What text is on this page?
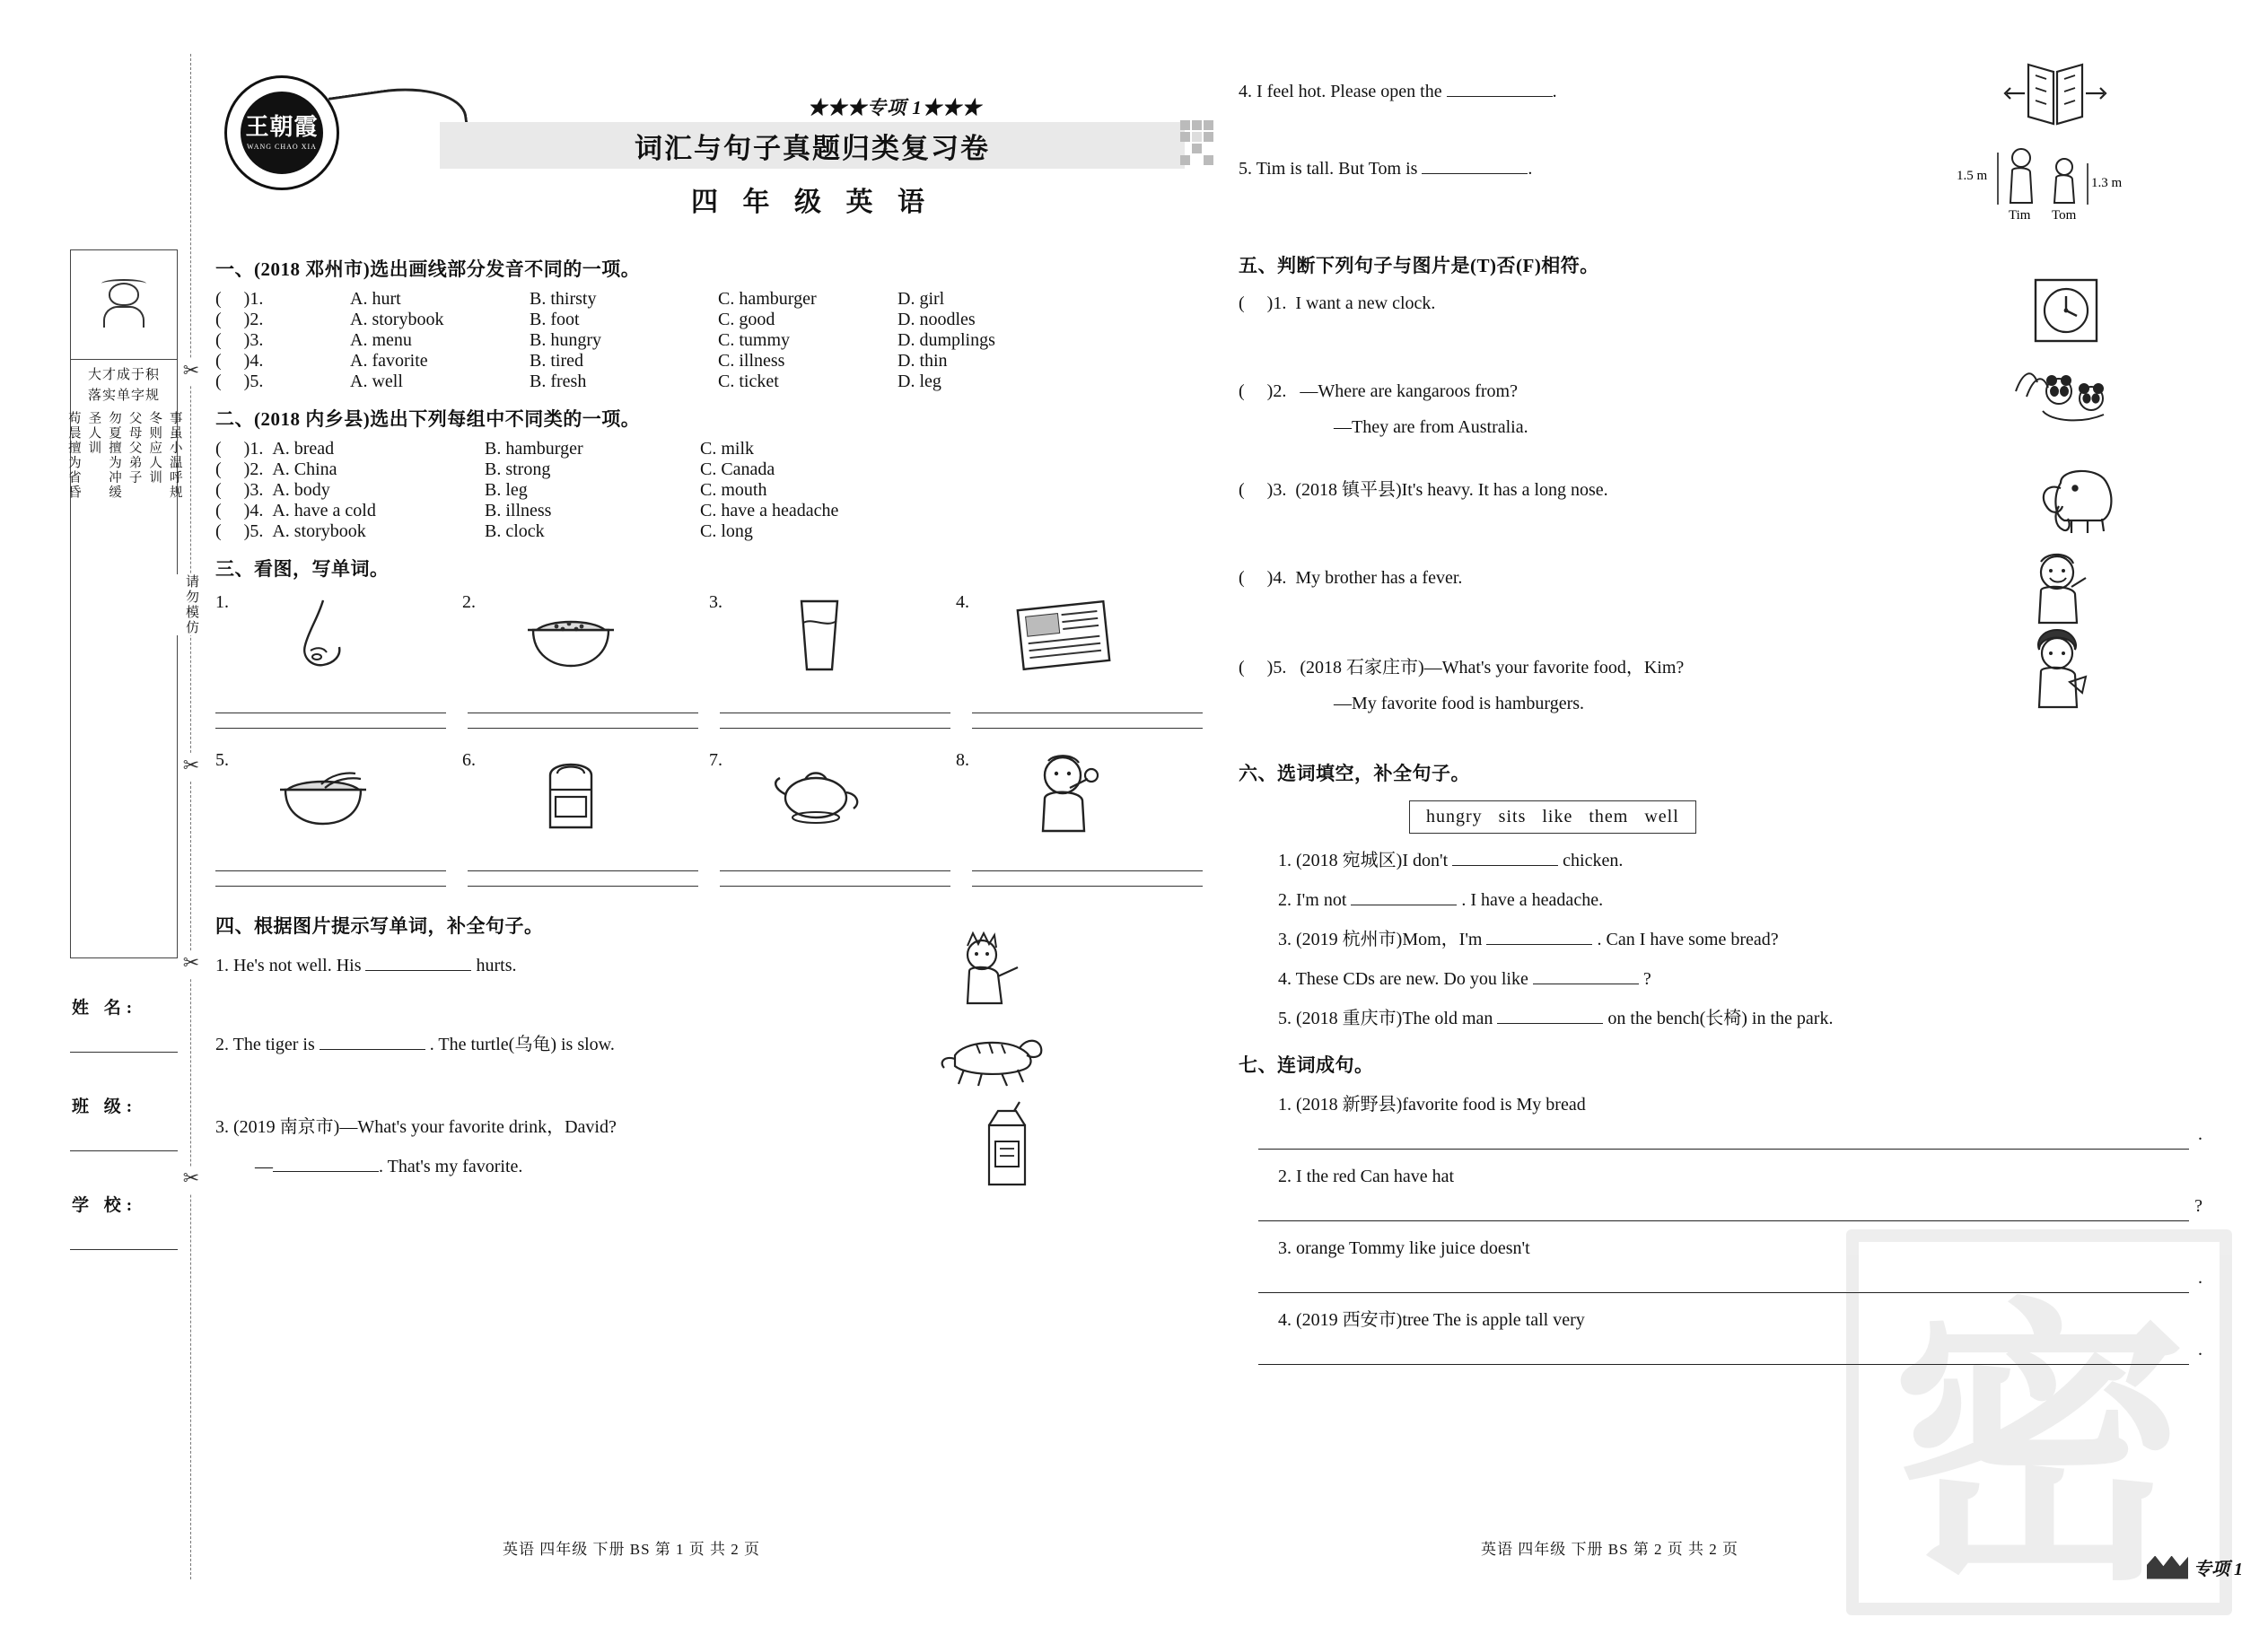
大才成于积
落实单字规
事虽小温呼规
冬则应人训
父母父弟子
勿夏擅为冲缓
圣人训
苟晨擅为省昏
姓 名:
班 级:
学 校:
✂
✂
✂
✂
请勿模仿
王朝霞
WANG CHAO XIA
★★★专项 1★★★
词汇与句子真题归类复习卷
四 年 级 英 语
一、(2018 邓州市)选出画线部分发音不同的一项。
(     )1.	A. hurt	B. thirsty	C. hamburger	D. girl
(     )2.	A. storybook	B. foot	C. good	D. noodles
(     )3.	A. menu	B. hungry	C. tummy	D. dumplings
(     )4.	A. favorite	B. tired	C. illness	D. thin
(     )5.	A. well	B. fresh	C. ticket	D. leg
二、(2018 内乡县)选出下列每组中不同类的一项。
(     )1. A. bread	B. hamburger	C. milk
(     )2. A. China	B. strong	C. Canada
(     )3. A. body	B. leg	C. mouth
(     )4. A. have a cold	B. illness	C. have a headache
(     )5. A. storybook	B. clock	C. long
三、看图，写单词。
1.	2.	3.	4.
5.	6.	7.	8.
四、根据图片提示写单词，补全句子。
1. He's not well. His	hurts.
2. The tiger is	. The turtle(乌龟) is slow.
3. (2019 南京市)—What's your favorite drink，David?
—	. That's my favorite.
4. I feel hot. Please open the	.
5. Tim is tall. But Tom is	.	1.5 m	1.3 m
Tim Tom
五、判断下列句子与图片是(T)否(F)相符。
(     )1. I want a new clock.
(     )2. —Where are kangaroos from?
—They are from Australia.
(     )3. (2018 镇平县)It's heavy. It has a long nose.
(     )4. My brother has a fever.
(     )5. (2018 石家庄市)—What's your favorite food，Kim?
—My favorite food is hamburgers.
六、选词填空，补全句子。
hungry sits like them well
1. (2018 宛城区)I don't	chicken.
2. I'm not	. I have a headache.
3. (2019 杭州市)Mom，I'm	. Can I have some bread?
4. These CDs are new. Do you like	?
5. (2018 重庆市)The old man	on the bench(长椅) in the park.
七、连词成句。
1. (2018 新野县)favorite food is My bread
.
2. I the red Can have hat
?
3. orange Tommy like juice doesn't
.
4. (2019 西安市)tree The is apple tall very
.
密
英语 四年级 下册 BS 第 1 页 共 2 页	英语 四年级 下册 BS 第 2 页 共 2 页
专项 1
